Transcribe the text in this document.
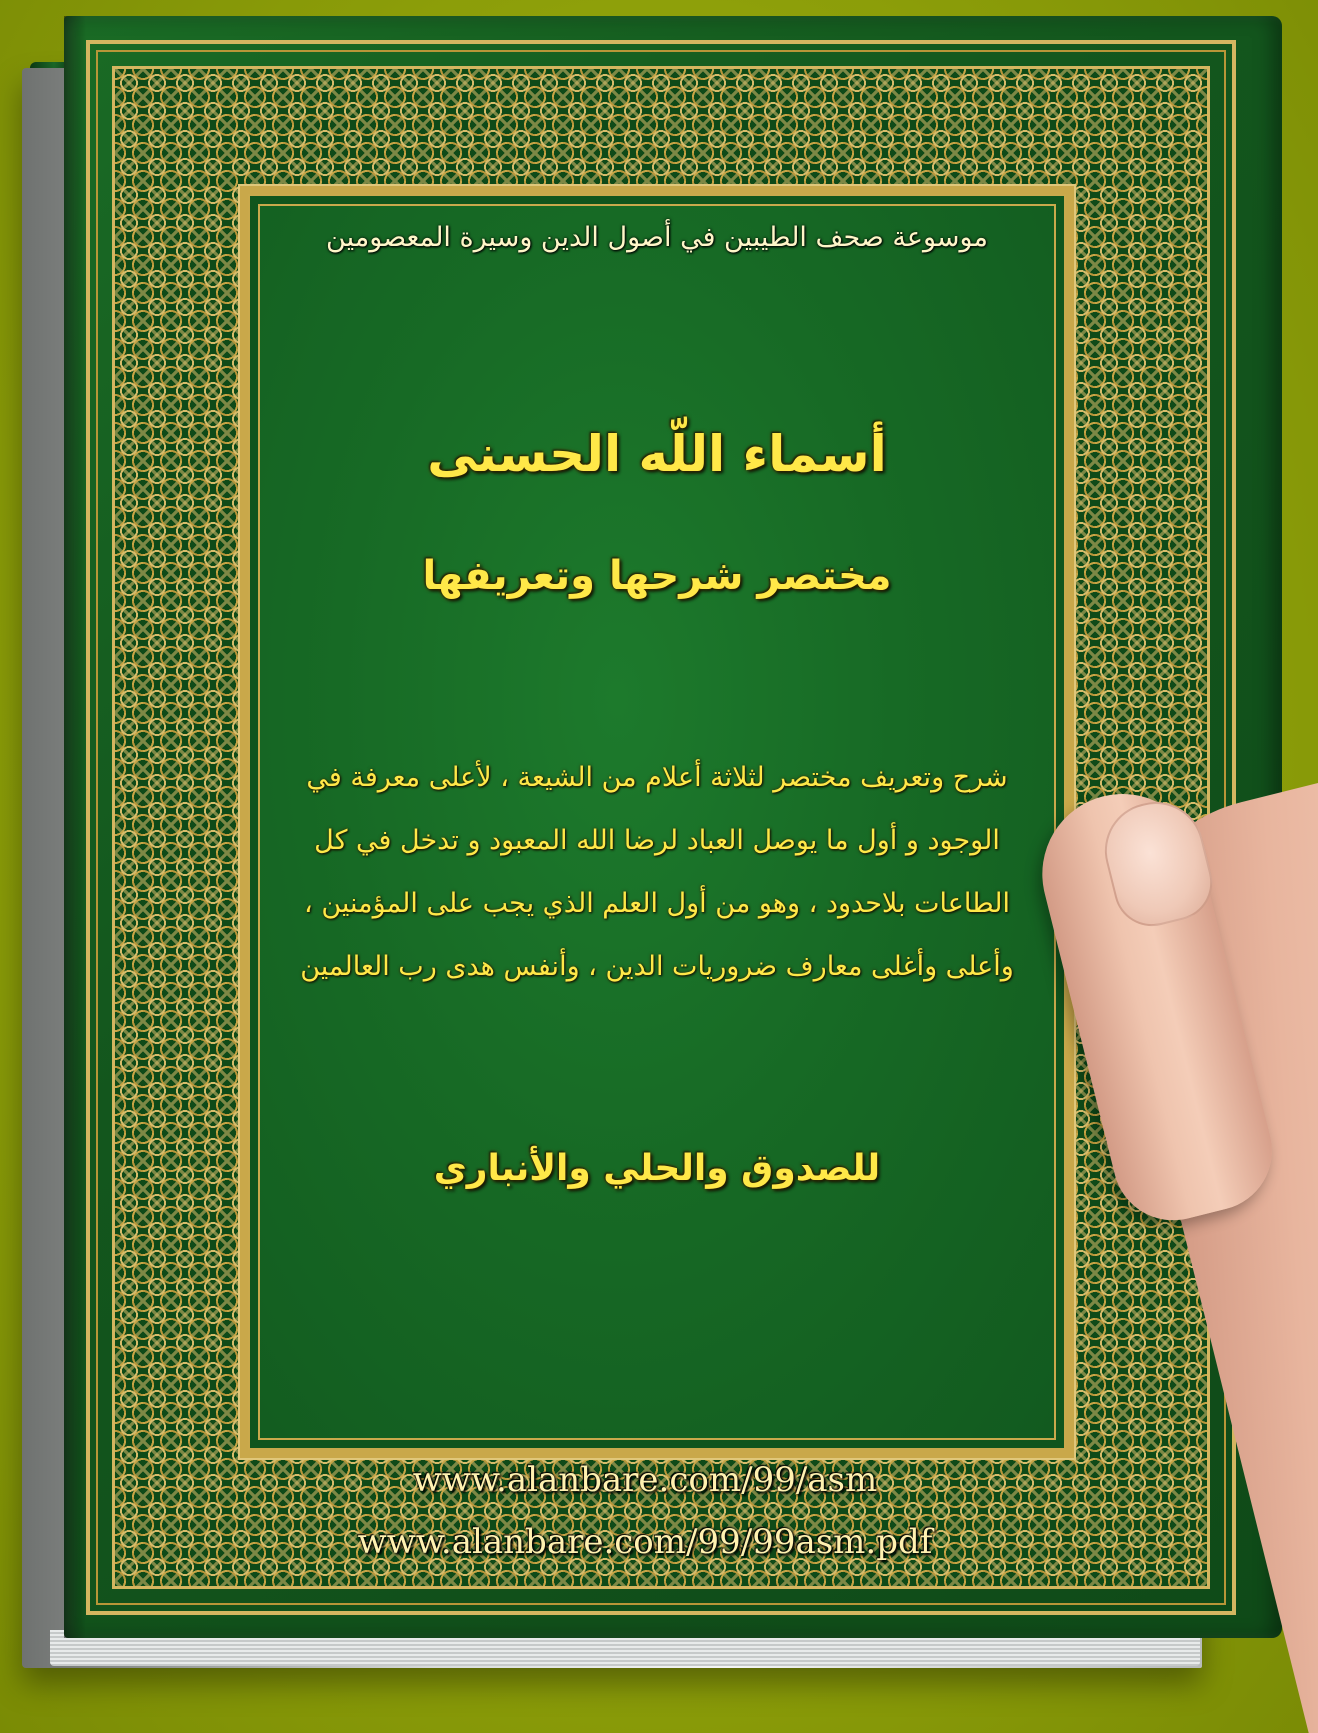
موسوعة صحف الطيبين في أصول الدين وسيرة المعصومين
أسماء اللّه الحسنى
مختصر شرحها وتعريفها
شرح وتعريف مختصر لثلاثة أعلام من الشيعة ، لأعلى معرفة في
الوجود و أول ما يوصل العباد لرضا الله المعبود و تدخل في كل
الطاعات بلاحدود ، وهو من أول العلم الذي يجب على المؤمنين ،
وأعلى وأغلى معارف ضروريات الدين ، وأنفس هدى رب العالمين
للصدوق والحلي والأنباري
www.alanbare.com/99/asm
www.alanbare.com/99/99asm.pdf
